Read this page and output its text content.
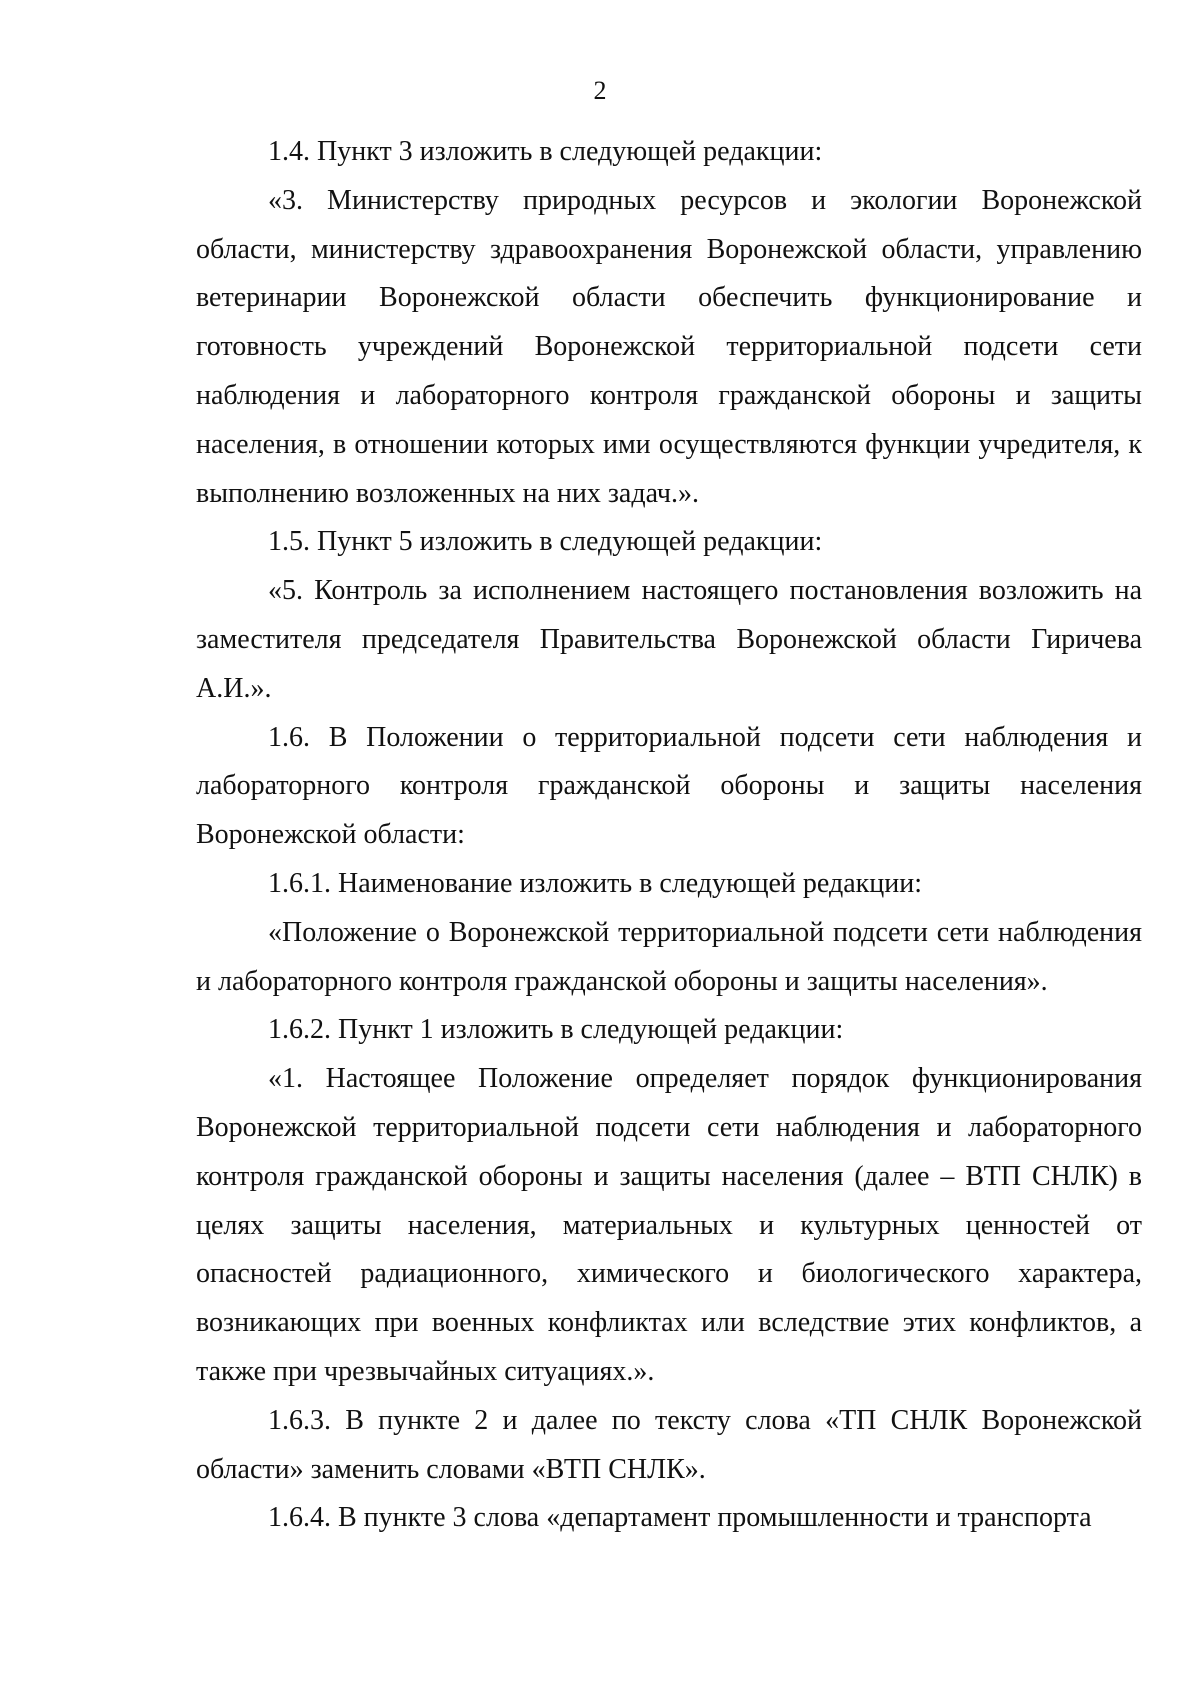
2

1.4. Пункт 3 изложить в следующей редакции:

«3. Министерству природных ресурсов и экологии Воронежской области, министерству здравоохранения Воронежской области, управлению ветеринарии Воронежской области обеспечить функционирование и готовность учреждений Воронежской территориальной подсети сети наблюдения и лабораторного контроля гражданской обороны и защиты населения, в отношении которых ими осуществляются функции учредителя, к выполнению возложенных на них задач.».

1.5. Пункт 5 изложить в следующей редакции:

«5. Контроль за исполнением настоящего постановления возложить на заместителя председателя Правительства Воронежской области Гиричева А.И.».

1.6. В Положении о территориальной подсети сети наблюдения и лабораторного контроля гражданской обороны и защиты населения Воронежской области:

1.6.1. Наименование изложить в следующей редакции:

«Положение о Воронежской территориальной подсети сети наблюдения и лабораторного контроля гражданской обороны и защиты населения».

1.6.2. Пункт 1 изложить в следующей редакции:

«1. Настоящее Положение определяет порядок функционирования Воронежской территориальной подсети сети наблюдения и лабораторного контроля гражданской обороны и защиты населения (далее – ВТП СНЛК) в целях защиты населения, материальных и культурных ценностей от опасностей радиационного, химического и биологического характера, возникающих при военных конфликтах или вследствие этих конфликтов, а также при чрезвычайных ситуациях.».

1.6.3. В пункте 2 и далее по тексту слова «ТП СНЛК Воронежской области» заменить словами «ВТП СНЛК».

1.6.4. В пункте 3 слова «департамент промышленности и транспорта
